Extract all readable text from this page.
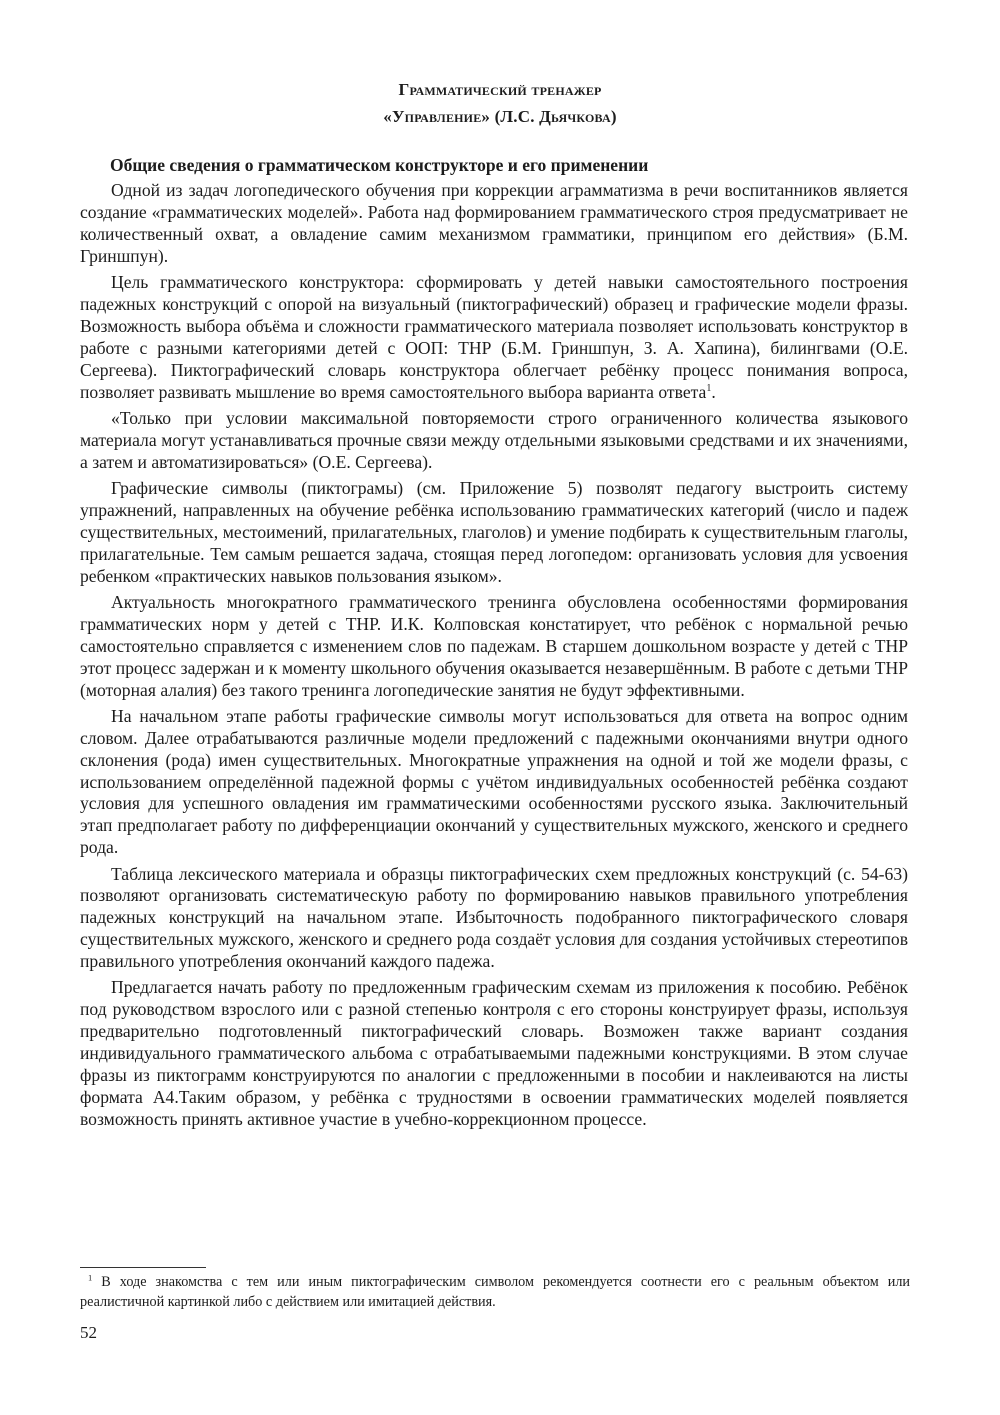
Грамматический тренажер
«Управление» (Л.С. Дьячкова)
Общие сведения о грамматическом конструкторе и его применении

Одной из задач логопедического обучения при коррекции аграмматизма в речи воспитанников является создание «грамматических моделей». Работа над формированием грамматического строя предусматривает не количественный охват, а овладение самим механизмом грамматики, принципом его действия» (Б.М. Гриншпун).

Цель грамматического конструктора: сформировать у детей навыки самостоятельного построения падежных конструкций с опорой на визуальный (пиктографический) образец и графические модели фразы. Возможность выбора объёма и сложности грамматического материала позволяет использовать конструктор в работе с разными категориями детей с ООП: ТНР (Б.М. Гриншпун, З. А. Хапина), билингвами (О.Е. Сергеева). Пиктографический словарь конструктора облегчает ребёнку процесс понимания вопроса, позволяет развивать мышление во время самостоятельного выбора варианта ответа$^1$.

«Только при условии максимальной повторяемости строго ограниченного количества языкового материала могут устанавливаться прочные связи между отдельными языковыми средствами и их значениями, а затем и автоматизироваться» (О.Е. Сергеева).

Графические символы (пиктограмы) (см. Приложение 5) позволят педагогу выстроить систему упражнений, направленных на обучение ребёнка использованию грамматических категорий (число и падеж существительных, местоимений, прилагательных, глаголов) и умение подбирать к существительным глаголы, прилагательные. Тем самым решается задача, стоящая перед логопедом: организовать условия для усвоения ребенком «практических навыков пользования языком».

Актуальность многократного грамматического тренинга обусловлена особенностями формирования грамматических норм у детей с ТНР. И.К. Колповская констатирует, что ребёнок с нормальной речью самостоятельно справляется с изменением слов по падежам. В старшем дошкольном возрасте у детей с ТНР этот процесс задержан и к моменту школьного обучения оказывается незавершённым. В работе с детьми ТНР (моторная алалия) без такого тренинга логопедические занятия не будут эффективными.

На начальном этапе работы графические символы могут использоваться для ответа на вопрос одним словом. Далее отрабатываются различные модели предложений с падежными окончаниями внутри одного склонения (рода) имен существительных. Многократные упражнения на одной и той же модели фразы, с использованием определённой падежной формы с учётом индивидуальных особенностей ребёнка создают условия для успешного овладения им грамматическими особенностями русского языка. Заключительный этап предполагает работу по дифференциации окончаний у существительных мужского, женского и среднего рода.

Таблица лексического материала и образцы пиктографических схем предложных конструкций (с. 54-63) позволяют организовать систематическую работу по формированию навыков правильного употребления падежных конструкций на начальном этапе. Избыточность подобранного пиктографического словаря существительных мужского, женского и среднего рода создаёт условия для создания устойчивых стереотипов правильного употребления окончаний каждого падежа.

Предлагается начать работу по предложенным графическим схемам из приложения к пособию. Ребёнок под руководством взрослого или с разной степенью контроля с его стороны конструирует фразы, используя предварительно подготовленный пиктографический словарь. Возможен также вариант создания индивидуального грамматического альбома с отрабатываемыми падежными конструкциями. В этом случае фразы из пиктограмм конструируются по аналогии с предложенными в пособии и наклеиваются на листы формата А4.Таким образом, у ребёнка с трудностями в освоении грамматических моделей появляется возможность принять активное участие в учебно-коррекционном процессе.

$^1$ В ходе знакомства с тем или иным пиктографическим символом рекомендуется соотнести его с реальным объектом или реалистичной картинкой либо с действием или имитацией действия.
52
